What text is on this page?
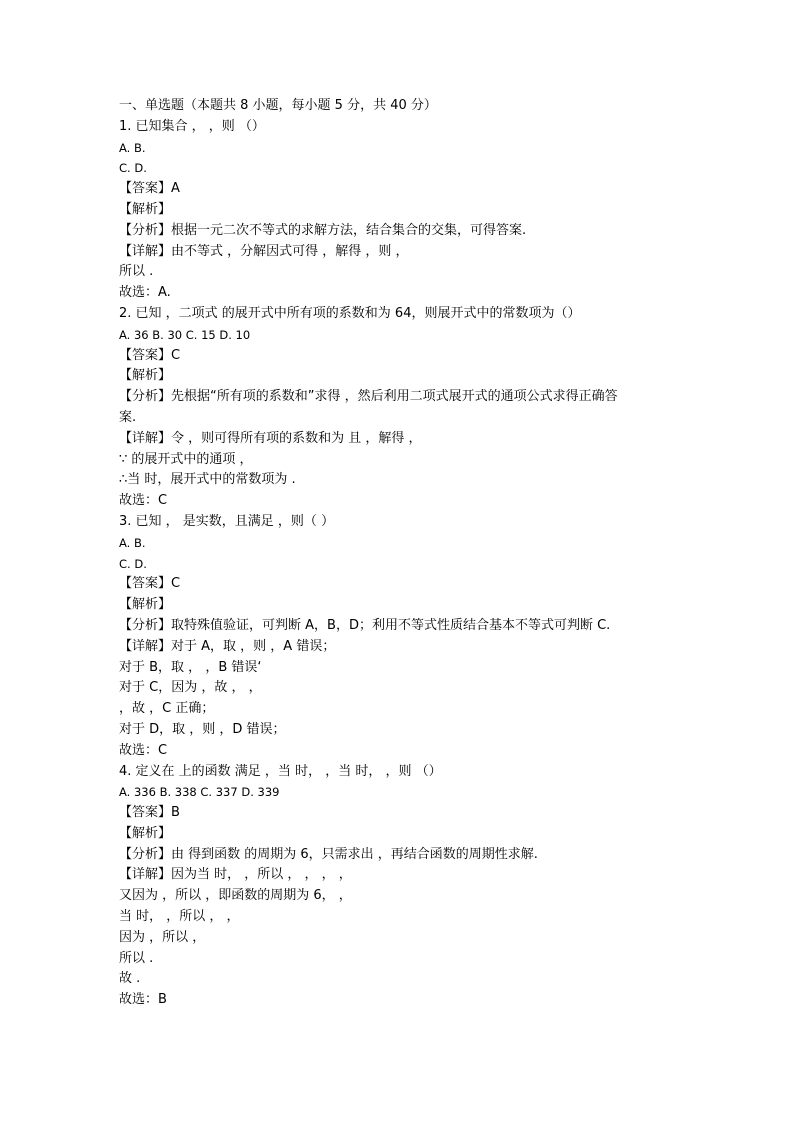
一、单选题（本题共 8 小题，每小题 5 分，共 40 分）
1. 已知集合 ， ，则 （）
A. B.
C. D.
【答案】A
【解析】
【分析】根据一元二次不等式的求解方法，结合集合的交集，可得答案.
【详解】由不等式 ，分解因式可得 ，解得 ，则 ，
所以 .
故选：A.
2. 已知 ，二项式 的展开式中所有项的系数和为 64，则展开式中的常数项为（）
A. 36 B. 30 C. 15 D. 10
【答案】C
【解析】
【分析】先根据“所有项的系数和”求得 ，然后利用二项式展开式的通项公式求得正确答
案.
【详解】令 ，则可得所有项的系数和为 且 ，解得 ，
∵ 的展开式中的通项 ，
∴当 时，展开式中的常数项为 .
故选：C
3. 已知 ， 是实数，且满足 ，则（ ）
A. B.
C. D.
【答案】C
【解析】
【分析】取特殊值验证，可判断 A，B，D；利用不等式性质结合基本不等式可判断 C.
【详解】对于 A，取 ，则 ，A 错误；
对于 B，取 ， ，B 错误‘
对于 C，因为 ，故 ， ，
，故 ，C 正确；
对于 D，取 ，则 ，D 错误；
故选：C
4. 定义在 上的函数 满足 ，当 时， ，当 时， ，则 （）
A. 336 B. 338 C. 337 D. 339
【答案】B
【解析】
【分析】由 得到函数 的周期为 6，只需求出 ，再结合函数的周期性求解.
【详解】因为当 时， ，所以 ， ， ， ，
又因为 ，所以 ，即函数的周期为 6， ，
当 时， ，所以 ， ，
因为 ，所以 ，
所以 .
故 .
故选：B
